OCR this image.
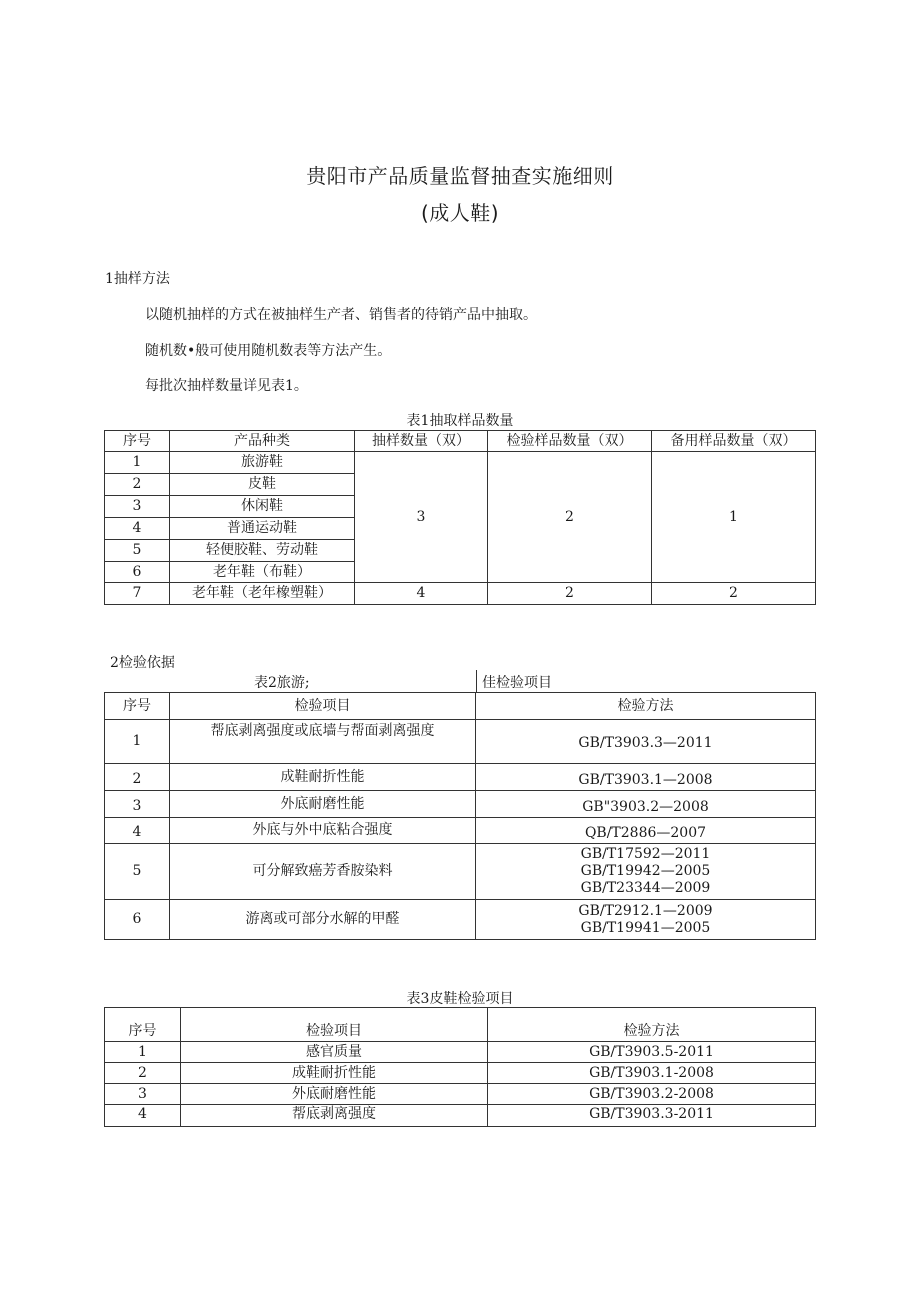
贵阳市产品质量监督抽查实施细则
(成人鞋)
1抽样方法
以随机抽样的方式在被抽样生产者、销售者的待销产品中抽取。
随机数•般可使用随机数表等方法产生。
每批次抽样数量详见表1。
表1抽取样品数量
序号	产品种类	抽样数量（双）	检验样品数量（双）	备用样品数量（双）
1	旅游鞋	3	2	1
2	皮鞋			
3	休闲鞋			
4	普通运动鞋			
5	轻便胶鞋、劳动鞋			
6	老年鞋（布鞋）			
7	老年鞋（老年橡塑鞋）	4	2	2
2检验依据
表2旅游;	佳检验项目
序号	检验项目	检验方法
1	帮底剥离强度或底墙与帮面剥离强度	GB/T3903.3—2011
2	成鞋耐折性能	GB/T3903.1—2008
3	外底耐磨性能	GB"3903.2—2008
4	外底与外中底粘合强度	QB/T2886—2007
5	可分解致癌芳香胺染料	GB/T17592—2011
GB/T19942—2005
GB/T23344—2009

6	游离或可部分水解的甲醛	GB/T2912.1—2009
GB/T19941—2005
表3皮鞋检验项目
序号	检验项目	检验方法
1	感官质量	GB/T3903.5-2011
2	成鞋耐折性能	GB/T3903.1-2008
3	外底耐磨性能	GB/T3903.2-2008
4	帮底剥离强度	GB/T3903.3-2011
